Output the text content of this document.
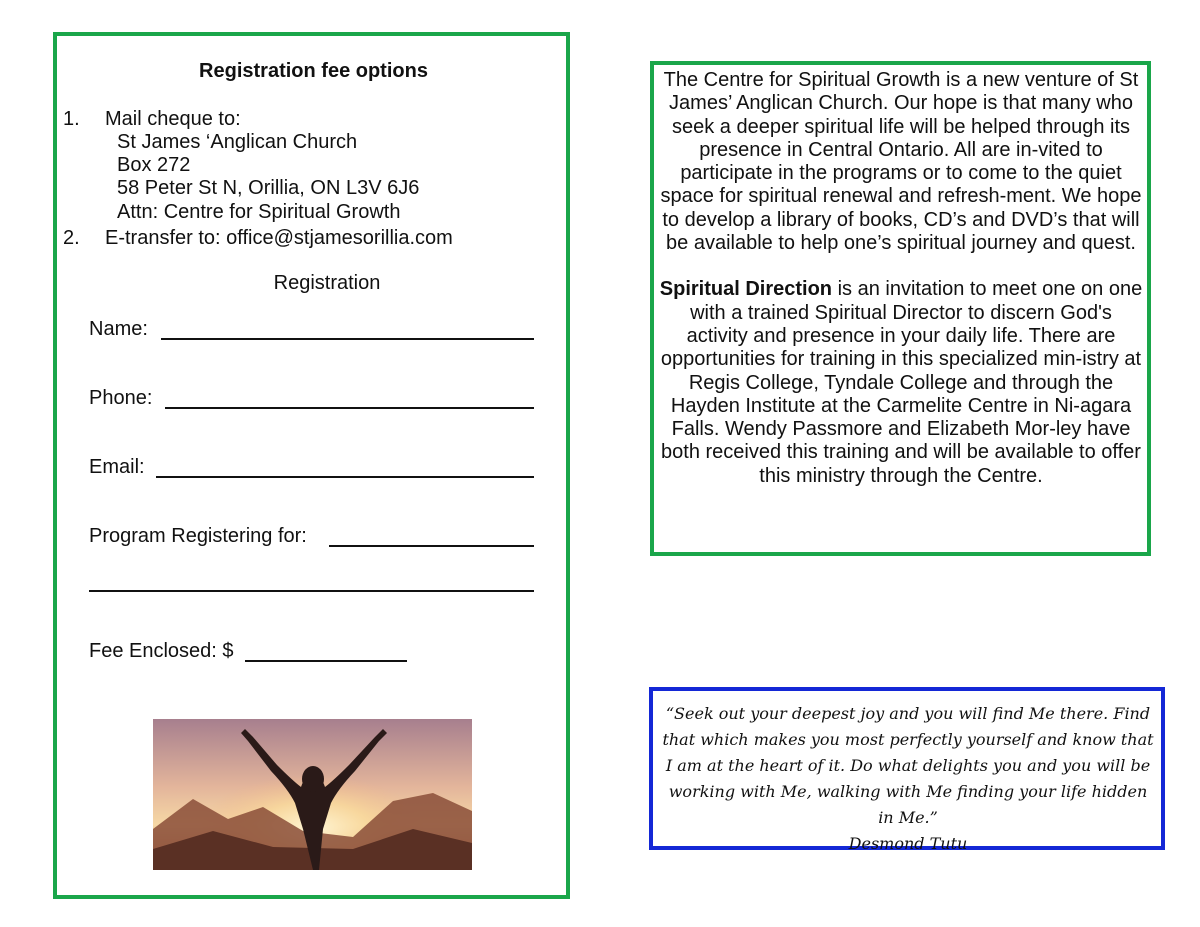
Registration fee options
1. Mail cheque to:
St James ‘Anglican Church
Box 272
58 Peter St N, Orillia, ON L3V 6J6
Attn: Centre for Spiritual Growth
2. E-transfer to: office@stjamesorillia.com
Registration
Name:
Phone:
Email:
Program Registering for:
Fee Enclosed: $

The Centre for Spiritual Growth is a new venture of St James’ Anglican Church. Our hope is that many who seek a deeper spiritual life will be helped through its presence in Central Ontario. All are in-vited to participate in the programs or to come to the quiet space for spiritual renewal and refresh-ment. We hope to develop a library of books, CD’s and DVD’s that will be available to help one’s spiritual journey and quest.

Spiritual Direction is an invitation to meet one on one with a trained Spiritual Director to discern God's activity and presence in your daily life. There are opportunities for training in this specialized min-istry at Regis College, Tyndale College and through the Hayden Institute at the Carmelite Centre in Ni-agara Falls. Wendy Passmore and Elizabeth Mor-ley have both received this training and will be available to offer this ministry through the Centre.

“Seek out your deepest joy and you will find Me there. Find that which makes you most perfectly yourself and know that I am at the heart of it. Do what delights you and you will be working with Me, walking with Me finding your life hidden in Me.”
Desmond Tutu
